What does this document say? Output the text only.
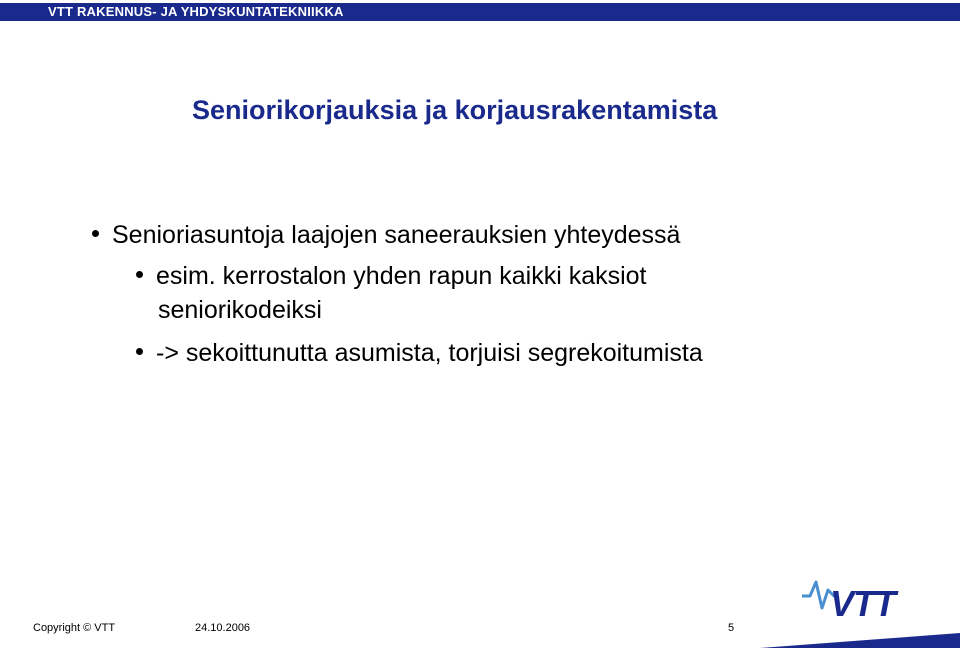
VTT RAKENNUS- JA YHDYSKUNTATEKNIIKKA
Seniorikorjauksia ja korjausrakentamista
Senioriasuntoja laajojen saneerauksien yhteydessä
esim. kerrostalon yhden rapun kaikki kaksiot
seniorikodeiksi
-> sekoittunutta asumista, torjuisi segrekoitumista
VTT
Copyright © VTT	24.10.2006	5
